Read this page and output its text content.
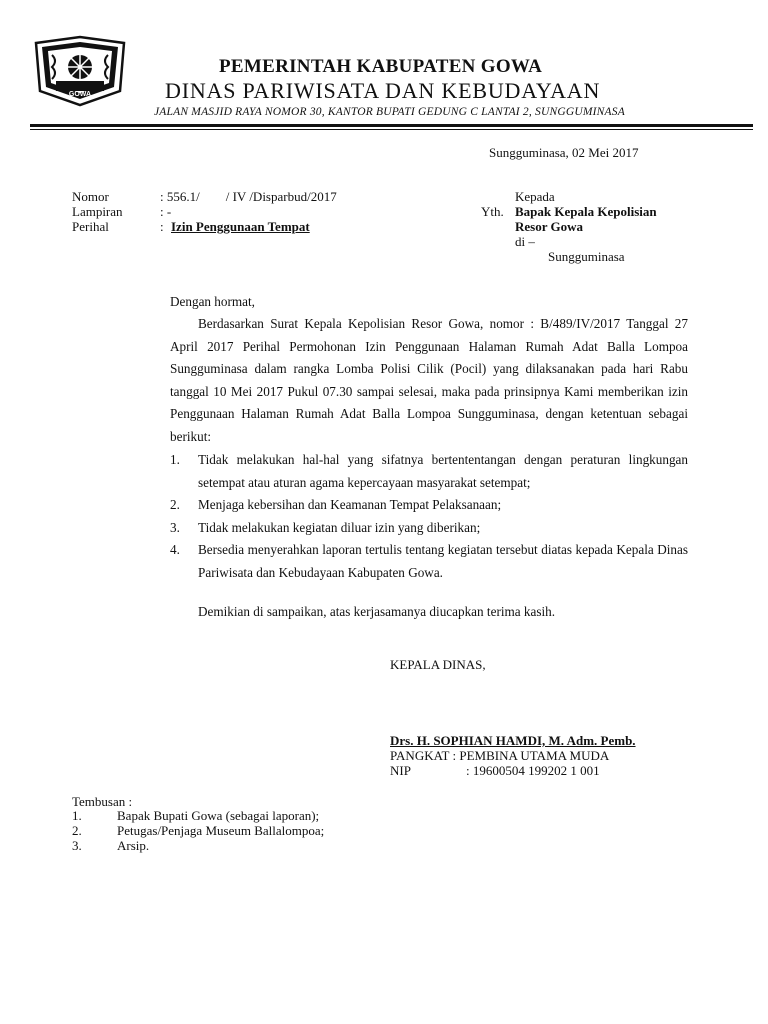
GOWA
PEMERINTAH KABUPATEN GOWA
DINAS PARIWISATA DAN KEBUDAYAAN
JALAN MASJID RAYA NOMOR 30, KANTOR BUPATI GEDUNG C LANTAI 2, SUNGGUMINASA
Sungguminasa, 02 Mei 2017
Nomor	: 556.1/        / IV /Disparbud/2017
Lampiran	: -
Perihal	: Izin Penggunaan Tempat
Kepada
Yth. Bapak Kepala Kepolisian
Resor Gowa
di –
Sungguminasa
Dengan hormat,
Berdasarkan Surat Kepala Kepolisian Resor Gowa, nomor : B/489/IV/2017 Tanggal 27 April 2017 Perihal Permohonan Izin Penggunaan Halaman Rumah Adat Balla Lompoa Sungguminasa dalam rangka Lomba Polisi Cilik (Pocil) yang dilaksanakan pada hari Rabu tanggal 10 Mei 2017 Pukul 07.30 sampai selesai, maka pada prinsipnya Kami memberikan izin Penggunaan Halaman Rumah Adat Balla Lompoa Sungguminasa, dengan ketentuan sebagai berikut:
1. Tidak melakukan hal-hal yang sifatnya bertententangan dengan peraturan lingkungan setempat atau aturan agama kepercayaan masyarakat setempat;
2. Menjaga kebersihan dan Keamanan Tempat Pelaksanaan;
3. Tidak melakukan kegiatan diluar izin yang diberikan;
4. Bersedia menyerahkan laporan tertulis tentang kegiatan tersebut diatas kepada Kepala Dinas Pariwisata dan Kebudayaan Kabupaten Gowa.
Demikian di sampaikan, atas kerjasamanya diucapkan terima kasih.
KEPALA DINAS,
Drs. H. SOPHIAN HAMDI, M. Adm. Pemb.
PANGKAT : PEMBINA UTAMA MUDA
NIP	: 19600504 199202 1 001
Tembusan :
1.	Bapak Bupati Gowa (sebagai laporan);
2.	Petugas/Penjaga Museum Ballalompoa;
3.	Arsip.
